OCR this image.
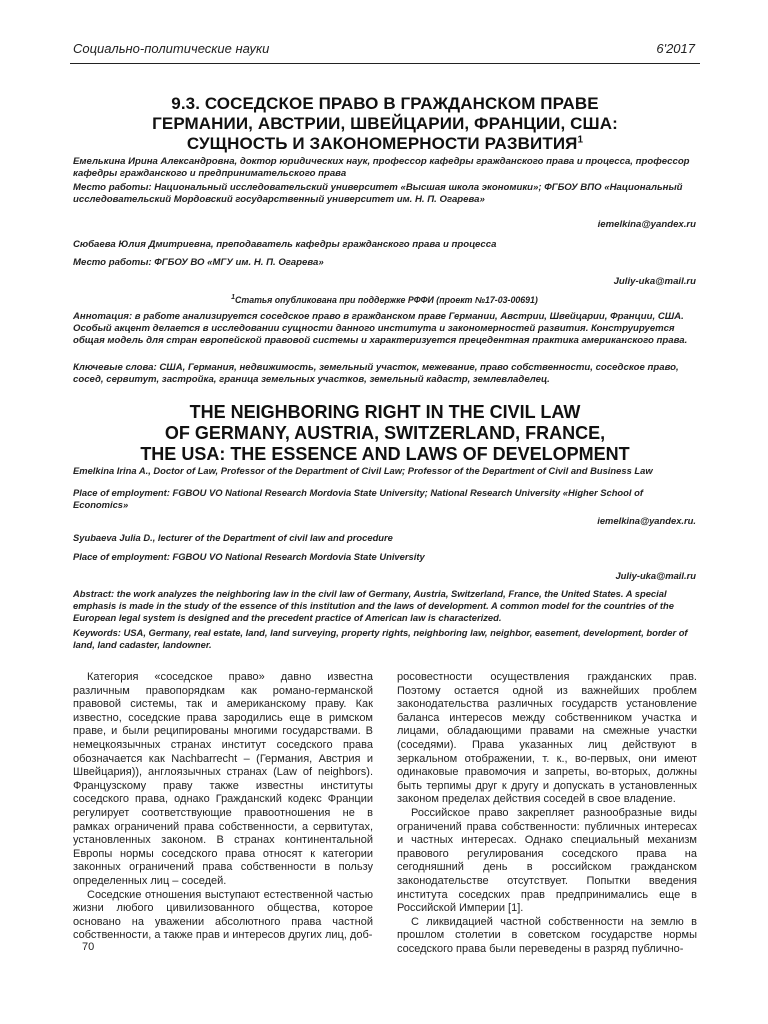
Социально-политические науки	6'2017
9.3. СОСЕДСКОЕ ПРАВО В ГРАЖДАНСКОМ ПРАВЕ
ГЕРМАНИИ, АВСТРИИ, ШВЕЙЦАРИИ, ФРАНЦИИ, США:
СУЩНОСТЬ И ЗАКОНОМЕРНОСТИ РАЗВИТИЯ$^1$
Емелькина Ирина Александровна, доктор юридических наук, профессор кафедры гражданского права и процесса, профессор кафедры гражданского и предпринимательского права
Место работы: Национальный исследовательский университет «Высшая школа экономики»; ФГБОУ ВПО «Национальный исследовательский Мордовский государственный университет им. Н. П. Огарева»
iemelkina@yandex.ru
Сюбаева Юлия Дмитриевна, преподаватель кафедры гражданского права и процесса
Место работы: ФГБОУ ВО «МГУ им. Н. П. Огарева»
Juliy-uka@mail.ru
$^1$Статья опубликована при поддержке РФФИ (проект №17-03-00691)
Аннотация: в работе анализируется соседское право в гражданском праве Германии, Австрии, Швейцарии, Франции, США. Особый акцент делается в исследовании сущности данного института и закономерностей развития. Конструируется общая модель для стран европейской правовой системы и характеризуется прецедентная практика американского права.
Ключевые слова: США, Германия, недвижимость, земельный участок, межевание, право собственности, соседское право, сосед, сервитут, застройка, граница земельных участков, земельный кадастр, землевладелец.
THE NEIGHBORING RIGHT IN THE CIVIL LAW
OF GERMANY, AUSTRIA, SWITZERLAND, FRANCE,
THE USA: THE ESSENCE AND LAWS OF DEVELOPMENT
Emelkina Irina A., Doctor of Law, Professor of the Department of Civil Law; Professor of the Department of Civil and Business Law
Place of employment: FGBOU VO National Research Mordovia State University; National Research University «Higher School of Economics»
iemelkina@yandex.ru.
Syubaeva Julia D., lecturer of the Department of civil law and procedure
Place of employment: FGBOU VO National Research Mordovia State University
Juliy-uka@mail.ru
Abstract: the work analyzes the neighboring law in the civil law of Germany, Austria, Switzerland, France, the United States. A special emphasis is made in the study of the essence of this institution and the laws of development. A common model for the countries of the European legal system is designed and the precedent practice of American law is characterized.
Keywords: USA, Germany, real estate, land, land surveying, property rights, neighboring law, neighbor, easement, development, border of land, land cadaster, landowner.

Категория «соседское право» давно известна различным правопорядкам как романо-германской правовой системы, так и американскому праву. Как известно, соседские права зародились еще в римском праве, и были реципированы многими государствами. В немецкоязычных странах институт соседского права обозначается как Nachbarrecht – (Германия, Австрия и Швейцария)), англоязычных странах (Law of neighbors). Французскому праву также известны институты соседского права, однако Гражданский кодекс Франции регулирует соответствующие правоотношения не в рамках ограничений права собственности, а сервитутах, установленных законом. В странах континентальной Европы нормы соседского права относят к категории законных ограничений права собственности в пользу определенных лиц – соседей.

Соседские отношения выступают естественной частью жизни любого цивилизованного общества, которое основано на уважении абсолютного права частной собственности, а также прав и интересов других лиц, доб-

росовестности осуществления гражданских прав. Поэтому остается одной из важнейших проблем законодательства различных государств установление баланса интересов между собственником участка и лицами, обладающими правами на смежные участки (соседями). Права указанных лиц действуют в зеркальном отображении, т. к., во-первых, они имеют одинаковые правомочия и запреты, во-вторых, должны быть терпимы друг к другу и допускать в установленных законом пределах действия соседей в свое владение.

Российское право закрепляет разнообразные виды ограничений права собственности: публичных интересах и частных интересах. Однако специальный механизм правового регулирования соседского права на сегодняшний день в российском гражданском законодательстве отсутствует. Попытки введения института соседских прав предпринимались еще в Российской Империи [1].

С ликвидацией частной собственности на землю в прошлом столетии в советском государстве нормы соседского права были переведены в разряд публично-

70
